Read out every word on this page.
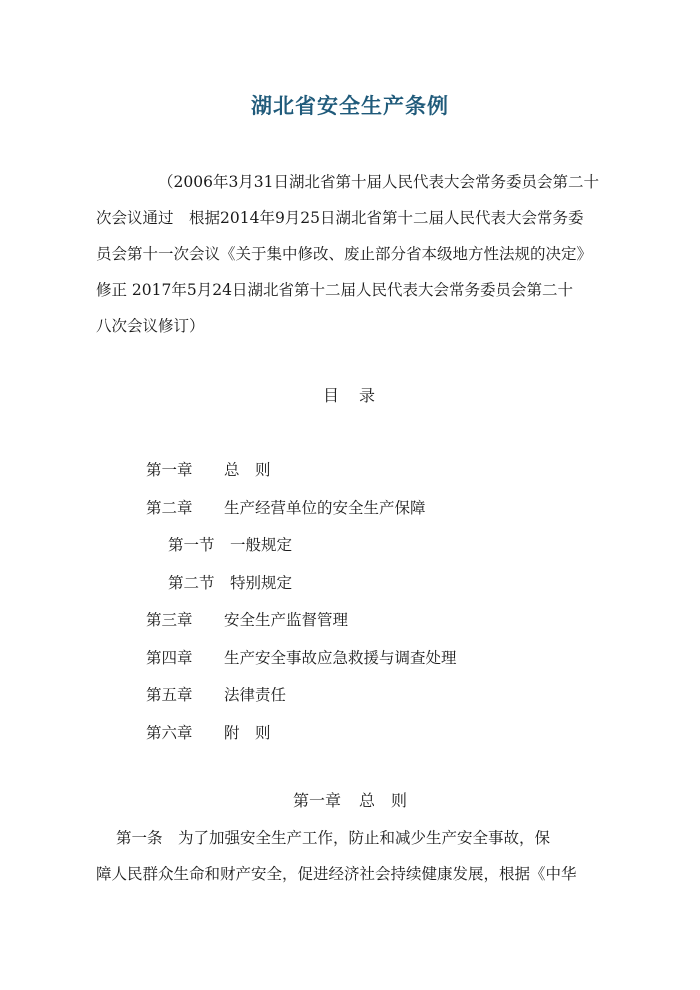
湖北省安全生产条例
（2006年3月31日湖北省第十届人民代表大会常务委员会第二十
次会议通过　根据2014年9月25日湖北省第十二届人民代表大会常务委
员会第十一次会议《关于集中修改、废止部分省本级地方性法规的决定》
修正 2017年5月24日湖北省第十二届人民代表大会常务委员会第二十
八次会议修订）
目　录
第一章 总　则
第二章 生产经营单位的安全生产保障
第一节 一般规定
第二节 特别规定
第三章 安全生产监督管理
第四章 生产安全事故应急救援与调查处理
第五章 法律责任
第六章 附　则
第一章 总　则
第一条 为了加强安全生产工作，防止和减少生产安全事故，保
障人民群众生命和财产安全，促进经济社会持续健康发展，根据《中华
